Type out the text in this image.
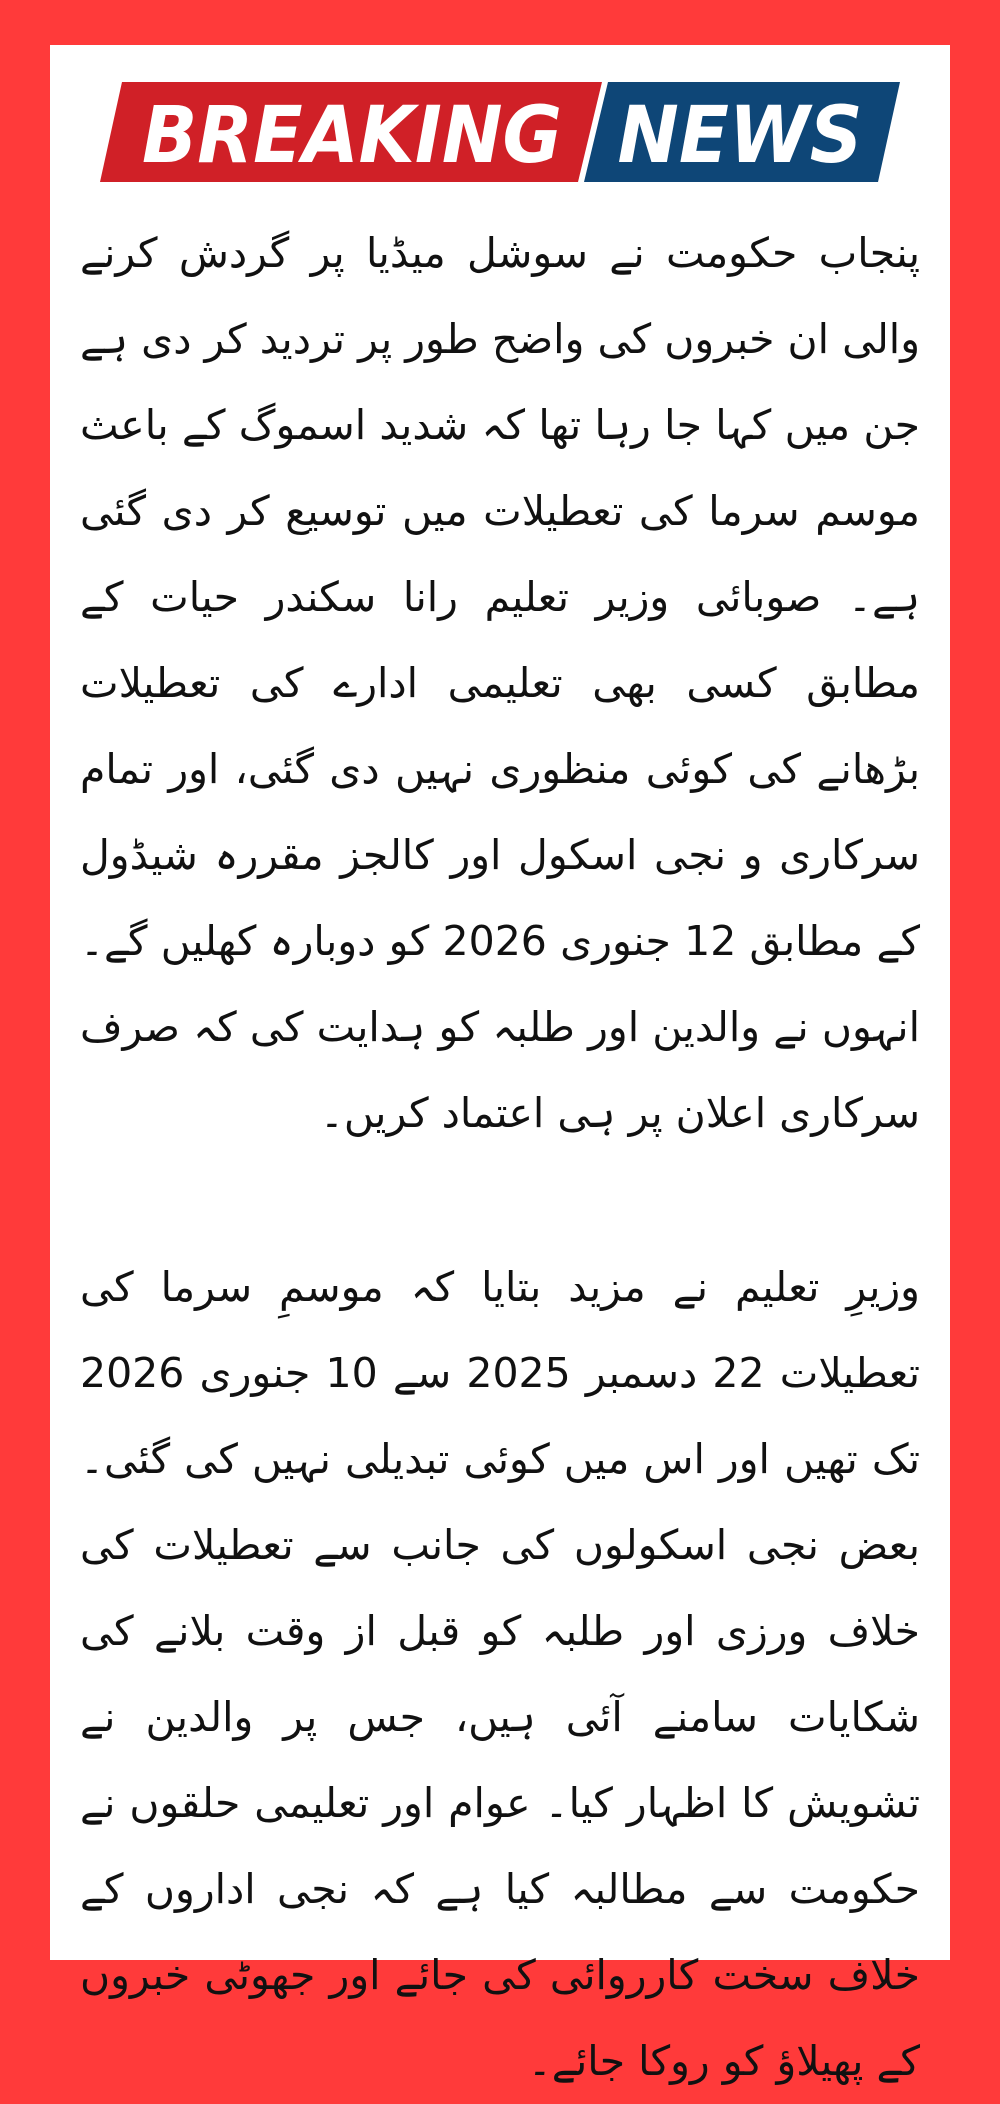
BREAKING NEWS

پنجاب حکومت نے سوشل میڈیا پر گردش کرنے والی ان خبروں کی واضح طور پر تردید کر دی ہے جن میں کہا جا رہا تھا کہ شدید اسموگ کے باعث موسم سرما کی تعطیلات میں توسیع کر دی گئی ہے۔ صوبائی وزیر تعلیم رانا سکندر حیات کے مطابق کسی بھی تعلیمی ادارے کی تعطیلات بڑھانے کی کوئی منظوری نہیں دی گئی، اور تمام سرکاری و نجی اسکول اور کالجز مقررہ شیڈول کے مطابق 12 جنوری 2026 کو دوبارہ کھلیں گے۔ انہوں نے والدین اور طلبہ کو ہدایت کی کہ صرف سرکاری اعلان پر ہی اعتماد کریں۔

وزیرِ تعلیم نے مزید بتایا کہ موسمِ سرما کی تعطیلات 22 دسمبر 2025 سے 10 جنوری 2026 تک تھیں اور اس میں کوئی تبدیلی نہیں کی گئی۔ بعض نجی اسکولوں کی جانب سے تعطیلات کی خلاف ورزی اور طلبہ کو قبل از وقت بلانے کی شکایات سامنے آئی ہیں، جس پر والدین نے تشویش کا اظہار کیا۔ عوام اور تعلیمی حلقوں نے حکومت سے مطالبہ کیا ہے کہ نجی اداروں کے خلاف سخت کارروائی کی جائے اور جھوٹی خبروں کے پھیلاؤ کو روکا جائے۔
